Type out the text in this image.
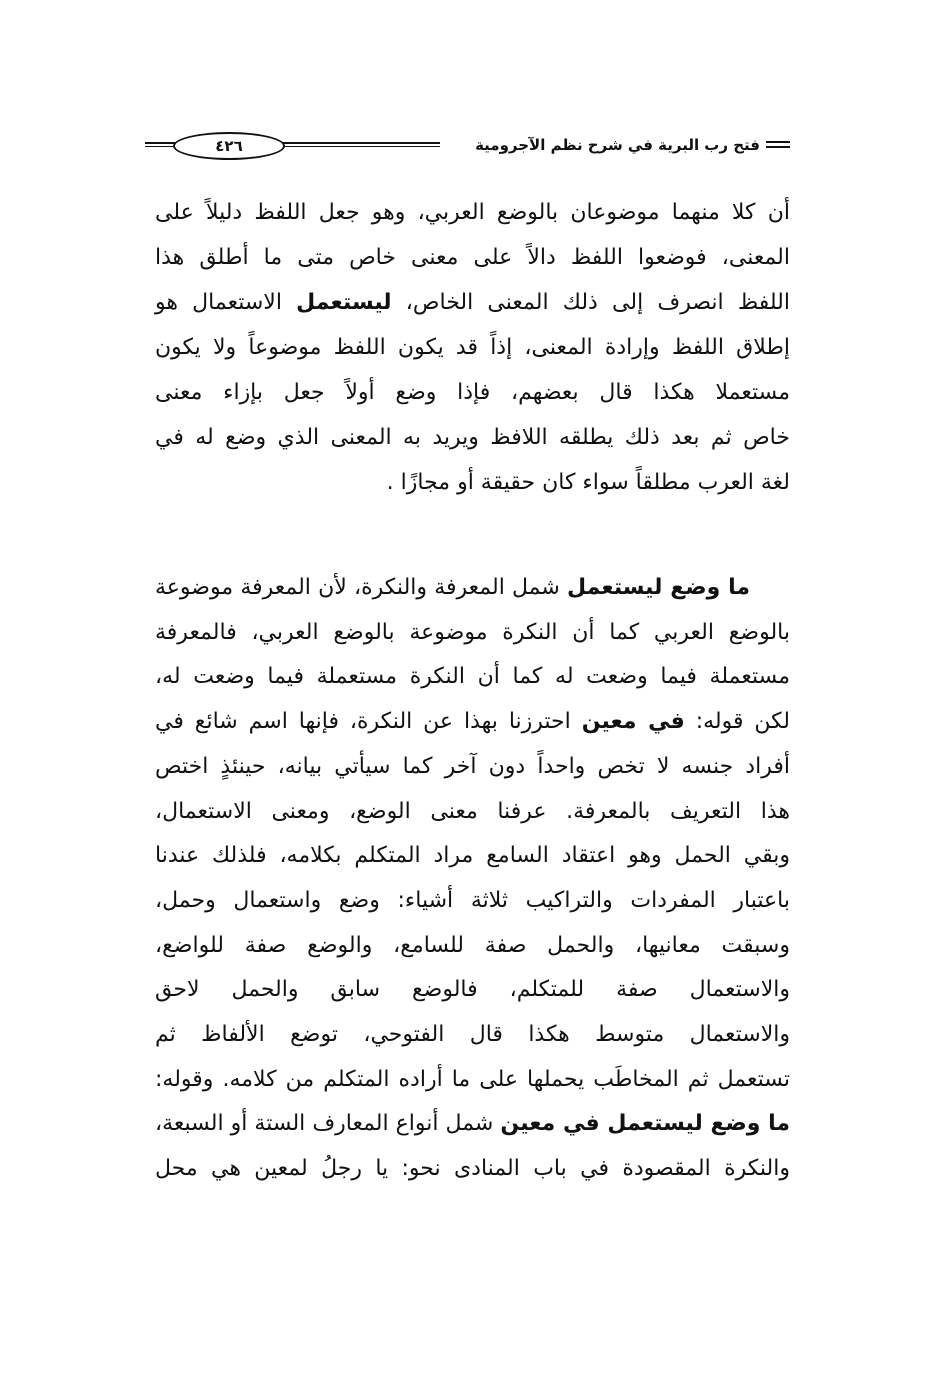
فتح رب البرية في شرح نظم الآجرومية
٤٢٦
أن كلا منهما موضوعان بالوضع العربي، وهو جعل اللفظ دليلاً على
المعنى، فوضعوا اللفظ دالاً على معنى خاص متى ما أطلق هذا
اللفظ انصرف إلى ذلك المعنى الخاص، ليستعمل الاستعمال هو
إطلاق اللفظ وإرادة المعنى، إذاً قد يكون اللفظ موضوعاً ولا يكون
مستعملا هكذا قال بعضهم، فإذا وضع أولاً جعل بإزاء معنى
خاص ثم بعد ذلك يطلقه اللافظ ويريد به المعنى الذي وضع له في
لغة العرب مطلقاً سواء كان حقيقة أو مجازًا .
ما وضع ليستعمل شمل المعرفة والنكرة، لأن المعرفة موضوعة
بالوضع العربي كما أن النكرة موضوعة بالوضع العربي، فالمعرفة
مستعملة فيما وضعت له كما أن النكرة مستعملة فيما وضعت له،
لكن قوله: في معين احترزنا بهذا عن النكرة، فإنها اسم شائع في
أفراد جنسه لا تخص واحداً دون آخر كما سيأتي بيانه، حينئذٍ اختص
هذا التعريف بالمعرفة. عرفنا معنى الوضع، ومعنى الاستعمال،
وبقي الحمل وهو اعتقاد السامع مراد المتكلم بكلامه، فلذلك عندنا
باعتبار المفردات والتراكيب ثلاثة أشياء: وضع واستعمال وحمل،
وسبقت معانيها، والحمل صفة للسامع، والوضع صفة للواضع،
والاستعمال صفة للمتكلم، فالوضع سابق والحمل لاحق
والاستعمال متوسط هكذا قال الفتوحي، توضع الألفاظ ثم
تستعمل ثم المخاطَب يحملها على ما أراده المتكلم من كلامه. وقوله:
ما وضع ليستعمل في معين شمل أنواع المعارف الستة أو السبعة،
والنكرة المقصودة في باب المنادى نحو: يا رجلُ لمعين هي محل
